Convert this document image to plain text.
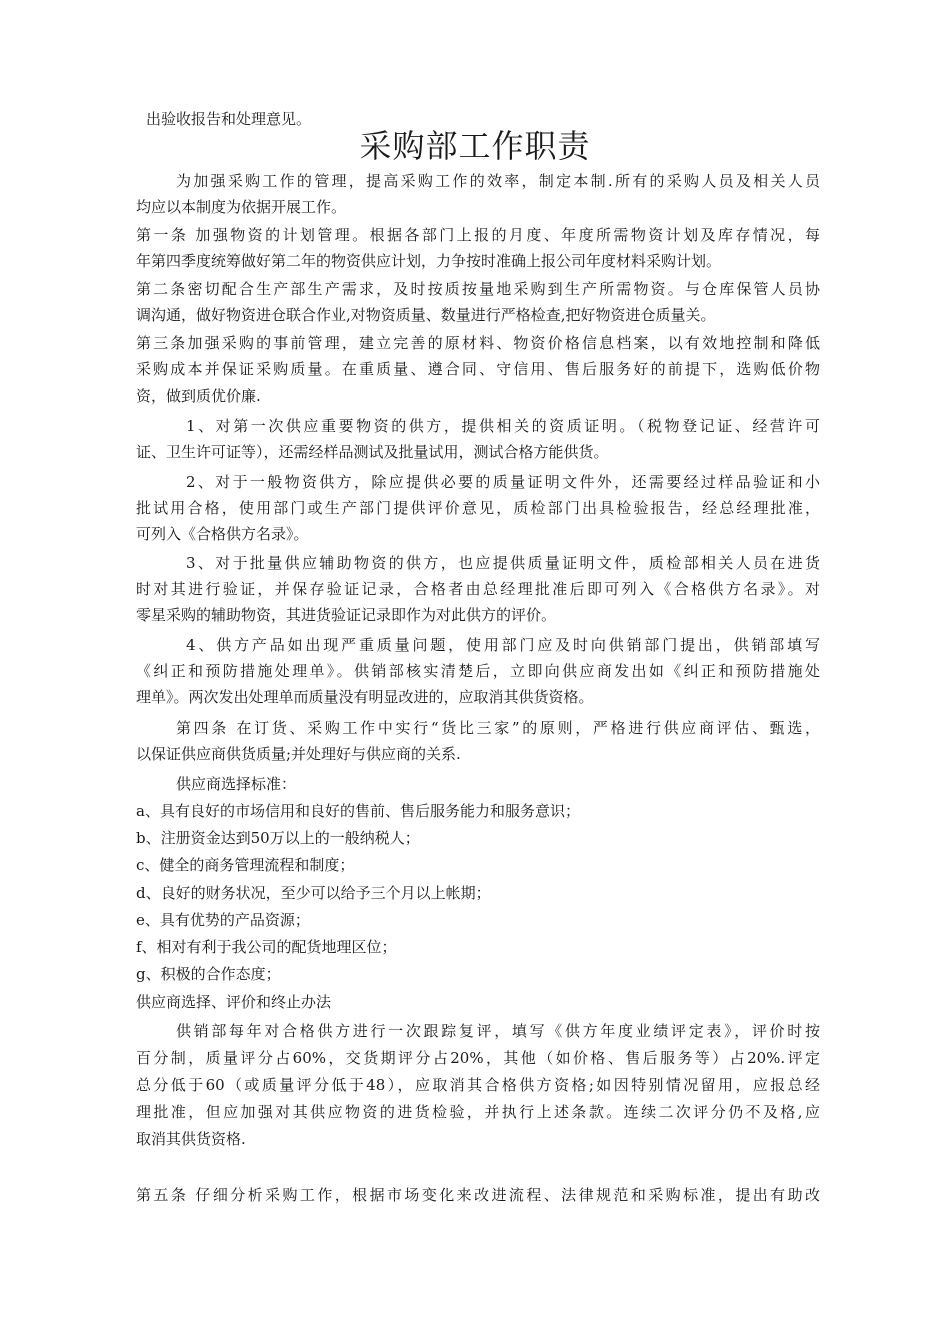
出验收报告和处理意见。
采购部工作职责
为加强采购工作的管理，提高采购工作的效率，制定本制.所有的采购人员及相关人员
均应以本制度为依据开展工作。
第一条 加强物资的计划管理。根据各部门上报的月度、年度所需物资计划及库存情况，每
年第四季度统筹做好第二年的物资供应计划，力争按时准确上报公司年度材料采购计划。
第二条密切配合生产部生产需求，及时按质按量地采购到生产所需物资。与仓库保管人员协
调沟通，做好物资进仓联合作业,对物资质量、数量进行严格检查,把好物资进仓质量关。
第三条加强采购的事前管理，建立完善的原材料、物资价格信息档案，以有效地控制和降低
采购成本并保证采购质量。在重质量、遵合同、守信用、售后服务好的前提下，选购低价物
资，做到质优价廉.
1、对第一次供应重要物资的供方，提供相关的资质证明。（税物登记证、经营许可
证、卫生许可证等），还需经样品测试及批量试用，测试合格方能供货。
2、对于一般物资供方，除应提供必要的质量证明文件外，还需要经过样品验证和小
批试用合格，使用部门或生产部门提供评价意见，质检部门出具检验报告，经总经理批准，
可列入《合格供方名录》。
3、对于批量供应辅助物资的供方，也应提供质量证明文件，质检部相关人员在进货
时对其进行验证，并保存验证记录，合格者由总经理批准后即可列入《合格供方名录》。对
零星采购的辅助物资，其进货验证记录即作为对此供方的评价。
4、供方产品如出现严重质量问题，使用部门应及时向供销部门提出，供销部填写
《纠正和预防措施处理单》。供销部核实清楚后，立即向供应商发出如《纠正和预防措施处
理单》。两次发出处理单而质量没有明显改进的，应取消其供货资格。
第四条 在订货、采购工作中实行“货比三家”的原则，严格进行供应商评估、甄选，
以保证供应商供货质量;并处理好与供应商的关系.
供应商选择标准：
a、具有良好的市场信用和良好的售前、售后服务能力和服务意识；
b、注册资金达到50万以上的一般纳税人；
c、健全的商务管理流程和制度；
d、良好的财务状况，至少可以给予三个月以上帐期；
e、具有优势的产品资源；
f、相对有利于我公司的配货地理区位；
g、积极的合作态度；
供应商选择、评价和终止办法
供销部每年对合格供方进行一次跟踪复评，填写《供方年度业绩评定表》，评价时按
百分制，质量评分占60%，交货期评分占20%，其他（如价格、售后服务等）占20%.评定
总分低于60（或质量评分低于48），应取消其合格供方资格;如因特别情况留用，应报总经
理批准，但应加强对其供应物资的进货检验，并执行上述条款。连续二次评分仍不及格,应
取消其供货资格.
第五条 仔细分析采购工作，根据市场变化来改进流程、法律规范和采购标准，提出有助改
